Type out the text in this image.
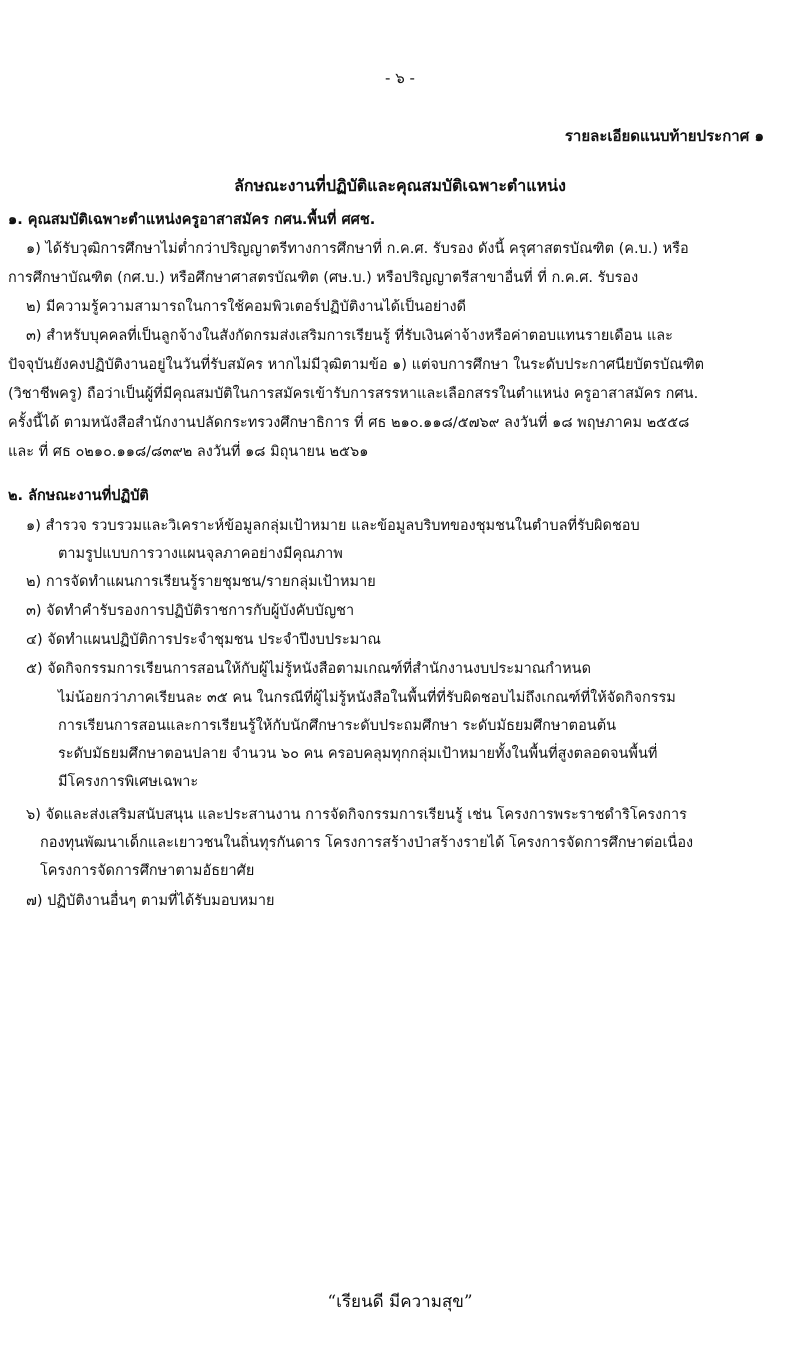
- ๖ -
รายละเอียดแนบท้ายประกาศ ๑
ลักษณะงานที่ปฏิบัติและคุณสมบัติเฉพาะตำแหน่ง
๑. คุณสมบัติเฉพาะตำแหน่งครูอาสาสมัคร กศน.พื้นที่ ศศช.
๑) ได้รับวุฒิการศึกษาไม่ต่ำกว่าปริญญาตรีทางการศึกษาที่ ก.ค.ศ. รับรอง ดังนี้ ครุศาสตรบัณฑิต (ค.บ.) หรือ
การศึกษาบัณฑิต (กศ.บ.) หรือศึกษาศาสตรบัณฑิต (ศษ.บ.) หรือปริญญาตรีสาขาอื่นที่ ที่ ก.ค.ศ. รับรอง
๒) มีความรู้ความสามารถในการใช้คอมพิวเตอร์ปฏิบัติงานได้เป็นอย่างดี
๓) สำหรับบุคคลที่เป็นลูกจ้างในสังกัดกรมส่งเสริมการเรียนรู้ ที่รับเงินค่าจ้างหรือค่าตอบแทนรายเดือน และ
ปัจจุบันยังคงปฏิบัติงานอยู่ในวันที่รับสมัคร หากไม่มีวุฒิตามข้อ ๑) แต่จบการศึกษา ในระดับประกาศนียบัตรบัณฑิต
(วิชาชีพครู) ถือว่าเป็นผู้ที่มีคุณสมบัติในการสมัครเข้ารับการสรรหาและเลือกสรรในตำแหน่ง ครูอาสาสมัคร กศน.
ครั้งนี้ได้ ตามหนังสือสำนักงานปลัดกระทรวงศึกษาธิการ ที่ ศธ ๒๑๐.๑๑๘/๕๗๖๙ ลงวันที่ ๑๘ พฤษภาคม ๒๕๕๘
และ ที่ ศธ ๐๒๑๐.๑๑๘/๘๓๙๒ ลงวันที่ ๑๘ มิถุนายน ๒๕๖๑
๒. ลักษณะงานที่ปฏิบัติ
๑) สำรวจ รวบรวมและวิเคราะห์ข้อมูลกลุ่มเป้าหมาย และข้อมูลบริบทของชุมชนในตำบลที่รับผิดชอบ
ตามรูปแบบการวางแผนจุลภาคอย่างมีคุณภาพ
๒) การจัดทำแผนการเรียนรู้รายชุมชน/รายกลุ่มเป้าหมาย
๓) จัดทำคำรับรองการปฏิบัติราชการกับผู้บังคับบัญชา
๔) จัดทำแผนปฏิบัติการประจำชุมชน ประจำปีงบประมาณ
๕) จัดกิจกรรมการเรียนการสอนให้กับผู้ไม่รู้หนังสือตามเกณฑ์ที่สำนักงานงบประมาณกำหนด
ไม่น้อยกว่าภาคเรียนละ ๓๕ คน ในกรณีที่ผู้ไม่รู้หนังสือในพื้นที่ที่รับผิดชอบไม่ถึงเกณฑ์ที่ให้จัดกิจกรรม
การเรียนการสอนและการเรียนรู้ให้กับนักศึกษาระดับประถมศึกษา ระดับมัธยมศึกษาตอนต้น
ระดับมัธยมศึกษาตอนปลาย จำนวน ๖๐ คน ครอบคลุมทุกกลุ่มเป้าหมายทั้งในพื้นที่สูงตลอดจนพื้นที่
มีโครงการพิเศษเฉพาะ
๖) จัดและส่งเสริมสนับสนุน และประสานงาน การจัดกิจกรรมการเรียนรู้ เช่น โครงการพระราชดำริโครงการ
กองทุนพัฒนาเด็กและเยาวชนในถิ่นทุรกันดาร โครงการสร้างป่าสร้างรายได้ โครงการจัดการศึกษาต่อเนื่อง
โครงการจัดการศึกษาตามอัธยาศัย
๗) ปฏิบัติงานอื่นๆ ตามที่ได้รับมอบหมาย
“เรียนดี มีความสุข”
